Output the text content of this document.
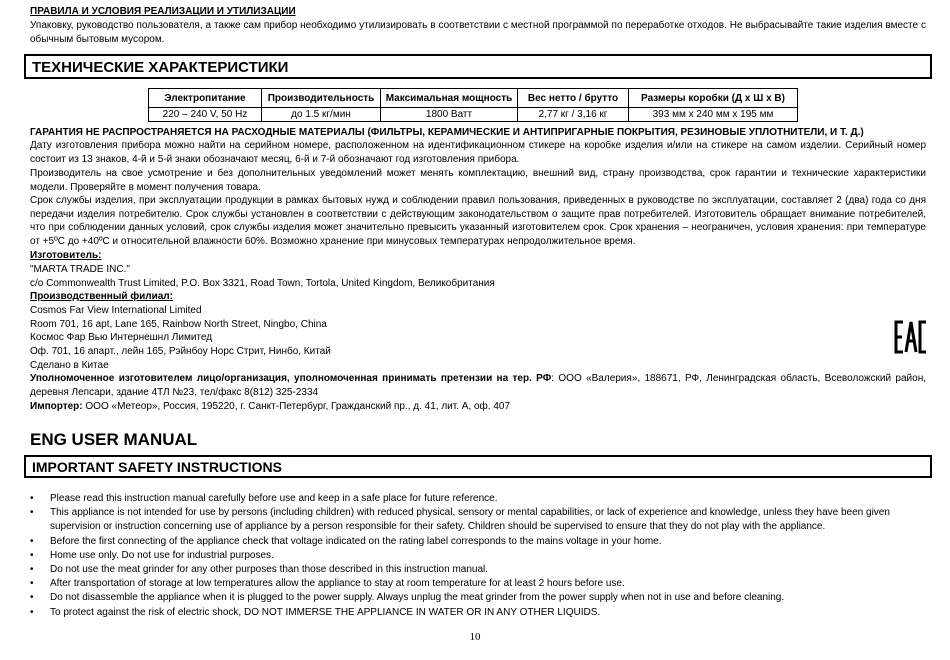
ПРАВИЛА И УСЛОВИЯ РЕАЛИЗАЦИИ И УТИЛИЗАЦИИ
Упаковку, руководство пользователя, а также сам прибор необходимо утилизировать в соответствии с местной программой по переработке отходов. Не выбрасывайте такие изделия вместе с обычным бытовым мусором.
ТЕХНИЧЕСКИЕ ХАРАКТЕРИСТИКИ
Электропитание	Производительность	Максимальная мощность	Вес нетто / брутто	Размеры коробки (Д х Ш х В)
220 – 240 V, 50 Hz	до 1.5 кг/мин	1800 Ватт	2,77 кг / 3,16 кг	393 мм х 240 мм х 195 мм
ГАРАНТИЯ НЕ РАСПРОСТРАНЯЕТСЯ НА РАСХОДНЫЕ МАТЕРИАЛЫ (ФИЛЬТРЫ, КЕРАМИЧЕСКИЕ И АНТИПРИГАРНЫЕ ПОКРЫТИЯ, РЕЗИНОВЫЕ УПЛОТНИТЕЛИ, И Т. Д.)
Дату изготовления прибора можно найти на серийном номере, расположенном на идентификационном стикере на коробке изделия и/или на стикере на самом изделии. Серийный номер состоит из 13 знаков, 4-й и 5-й знаки обозначают месяц, 6-й и 7-й обозначают год изготовления прибора.
Производитель на свое усмотрение и без дополнительных уведомлений может менять комплектацию, внешний вид, страну производства, срок гарантии и технические характеристики модели. Проверяйте в момент получения товара.
Срок службы изделия, при эксплуатации продукции в рамках бытовых нужд и соблюдении правил пользования, приведенных в руководстве по эксплуатации, составляет 2 (два) года со дня передачи изделия потребителю. Срок службы установлен в соответствии с действующим законодательством о защите прав потребителей. Изготовитель обращает внимание потребителей, что при соблюдении данных условий, срок службы изделия может значительно превысить указанный изготовителем срок. Срок хранения – неограничен, условия хранения: при температуре от +5ºC до +40ºC и относительной влажности 60%. Возможно хранение при минусовых температурах непродолжительное время.
Изготовитель:
"MARTA TRADE INC."
c/o Commonwealth Trust Limited, P.O. Box 3321, Road Town, Tortola, United Kingdom, Великобритания
Производственный филиал:
Cosmos Far View International Limited
Room 701, 16 apt, Lane 165, Rainbow North Street, Ningbo, China
Космос Фар Вью Интернешнл Лимитед
Оф. 701, 16 апарт., лейн 165, Рэйнбоу Норс Стрит, Нинбо, Китай
Сделано в Китае
Уполномоченное изготовителем лицо/организация, уполномоченная принимать претензии на тер. РФ: ООО «Валерия», 188671, РФ, Ленинградская область, Всеволожский район, деревня Лепсари, здание 4ТЛ №23, тел/факс 8(812) 325-2334
Импортер: ООО «Метеор», Россия, 195220, г. Санкт-Петербург, Гражданский пр., д. 41, лит. А, оф. 407
ENG USER MANUAL
IMPORTANT SAFETY INSTRUCTIONS
• Please read this instruction manual carefully before use and keep in a safe place for future reference.
• This appliance is not intended for use by persons (including children) with reduced physical, sensory or mental capabilities, or lack of experience and knowledge, unless they have been given supervision or instruction concerning use of appliance by a person responsible for their safety. Children should be supervised to ensure that they do not play with the appliance.
• Before the first connecting of the appliance check that voltage indicated on the rating label corresponds to the mains voltage in your home.
• Home use only. Do not use for industrial purposes.
• Do not use the meat grinder for any other purposes than those described in this instruction manual.
• After transportation of storage at low temperatures allow the appliance to stay at room temperature for at least 2 hours before use.
• Do not disassemble the appliance when it is plugged to the power supply. Always unplug the meat grinder from the power supply when not in use and before cleaning.
• To protect against the risk of electric shock, DO NOT IMMERSE THE APPLIANCE IN WATER OR IN ANY OTHER LIQUIDS.
10
